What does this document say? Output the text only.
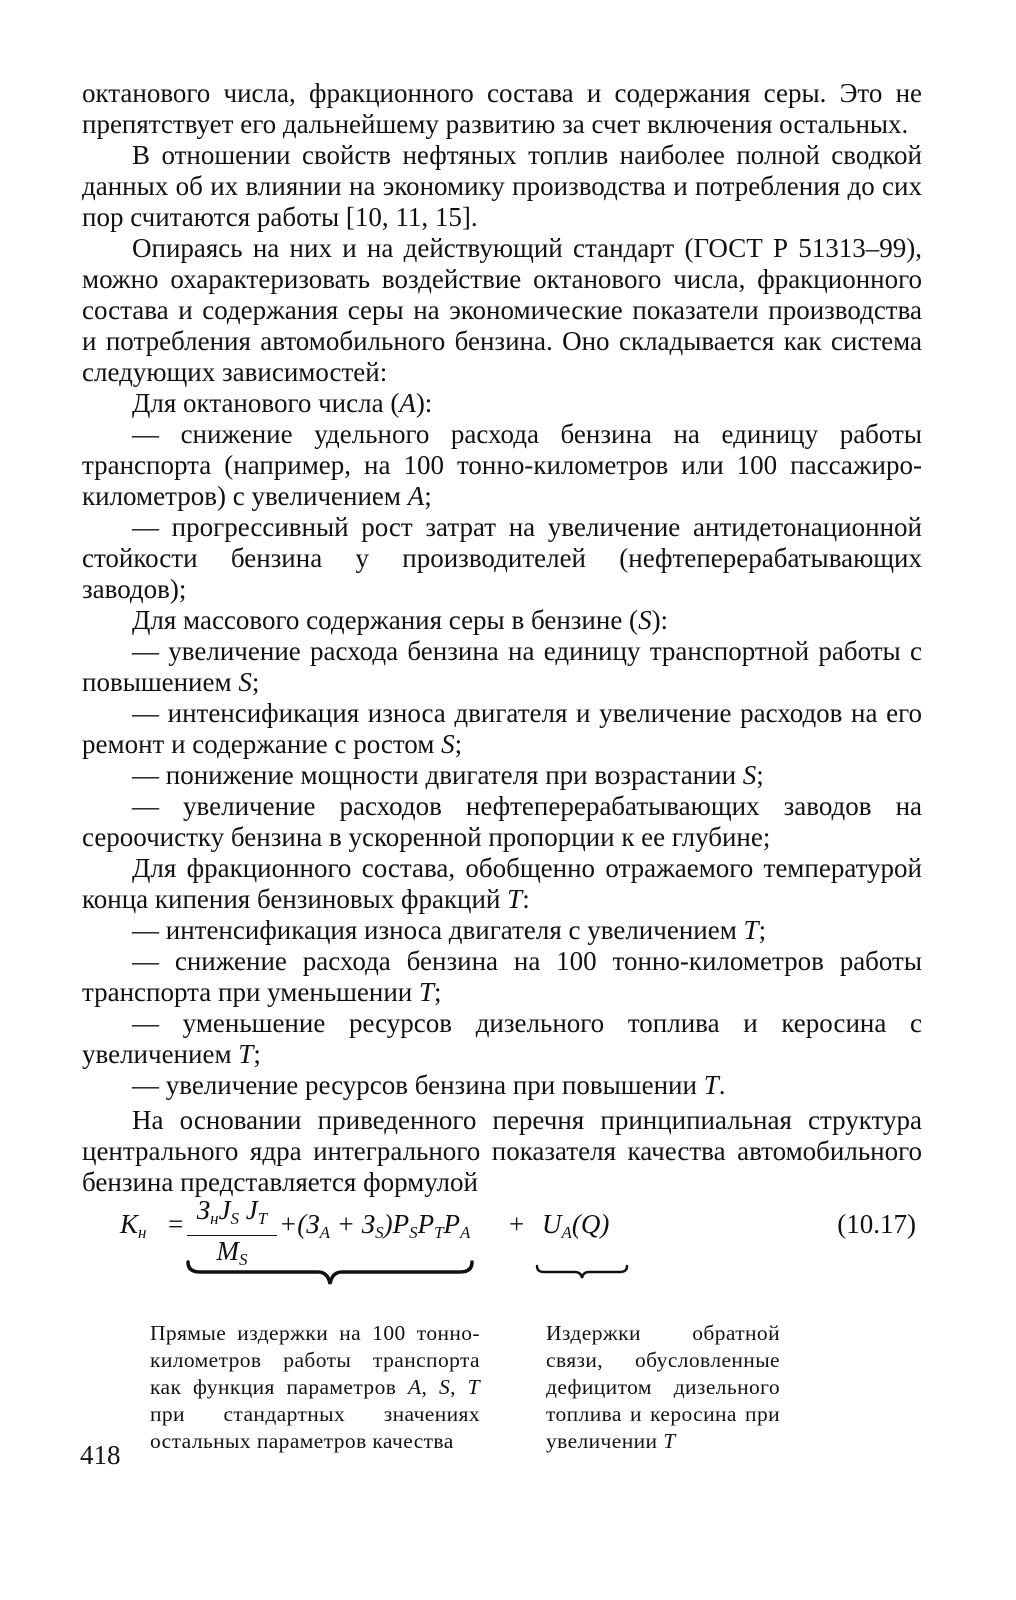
октанового числа, фракционного состава и содержания серы. Это не препятствует его дальнейшему развитию за счет включения остальных.

В отношении свойств нефтяных топлив наиболее полной сводкой данных об их влиянии на экономику производства и потребления до сих пор считаются работы [10, 11, 15].

Опираясь на них и на действующий стандарт (ГОСТ Р 51313–99), можно охарактеризовать воздействие октанового числа, фракционного состава и содержания серы на экономические показатели производства и потребления автомобильного бензина. Оно складывается как система следующих зависимостей:

Для октанового числа (A):

— снижение удельного расхода бензина на единицу работы транспорта (например, на 100 тонно-километров или 100 пассажиро-километров) с увеличением A;

— прогрессивный рост затрат на увеличение антидетонационной стойкости бензина у производителей (нефтеперерабатывающих заводов);

Для массового содержания серы в бензине (S):

— увеличение расхода бензина на единицу транспортной работы с повышением S;

— интенсификация износа двигателя и увеличение расходов на его ремонт и содержание с ростом S;

— понижение мощности двигателя при возрастании S;

— увеличение расходов нефтеперерабатывающих заводов на сероочистку бензина в ускоренной пропорции к ее глубине;

Для фракционного состава, обобщенно отражаемого температурой конца кипения бензиновых фракций T:

— интенсификация износа двигателя с увеличением T;

— снижение расхода бензина на 100 тонно-километров работы транспорта при уменьшении T;

— уменьшение ресурсов дизельного топлива и керосина с увеличением T;

— увеличение ресурсов бензина при повышении T.

На основании приведенного перечня принципиальная структура центрального ядра интегрального показателя качества автомобильного бензина представляется формулой

$K_н = З_нJ_S$ $J_T$
$M_S$
$+(З_A + З_S)P_SP_TP_A + U_A(Q)$	(10.17)
Прямые издержки на 100 тонно-километров работы транспорта как функция параметров A, S, T при стандартных значениях остальных параметров качества
Издержки обратной связи, обусловленные дефицитом дизельного топлива и керосина при увеличении T
418
